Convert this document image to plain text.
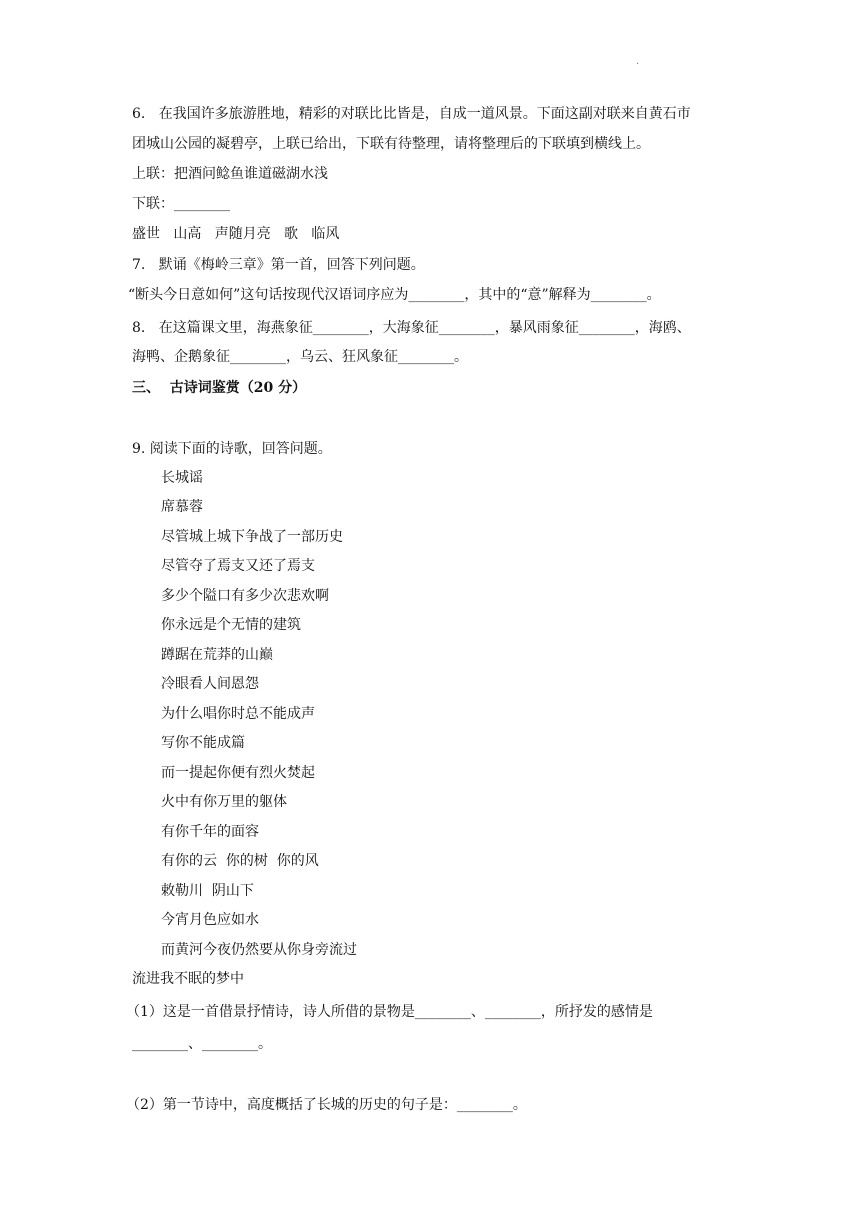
.
6.   在我国许多旅游胜地，精彩的对联比比皆是，自成一道风景。下面这副对联来自黄石市
团城山公园的凝碧亭，上联已给出，下联有待整理，请将整理后的下联填到横线上。
上联：把酒问鲶鱼谁道磁湖水浅
下联：________
盛世   山高   声随月亮   歌   临风
7.   默诵《梅岭三章》第一首，回答下列问题。
“断头今日意如何”这句话按现代汉语词序应为________，其中的“意”解释为________。
8.   在这篇课文里，海燕象征________，大海象征________，暴风雨象征________，海鸥、
海鸭、企鹅象征________，乌云、狂风象征________。
三、  古诗词鉴赏（20 分）
9. 阅读下面的诗歌，回答问题。
长城谣
席慕蓉
尽管城上城下争战了一部历史
尽管夺了焉支又还了焉支
多少个隘口有多少次悲欢啊
你永远是个无情的建筑
蹲踞在荒莽的山巅
冷眼看人间恩怨
为什么唱你时总不能成声
写你不能成篇
而一提起你便有烈火焚起
火中有你万里的躯体
有你千年的面容
有你的云  你的树  你的风
敕勒川  阴山下
今宵月色应如水
而黄河今夜仍然要从你身旁流过
流进我不眠的梦中
（1）这是一首借景抒情诗，诗人所借的景物是________、________，所抒发的感情是
________、________。
（2）第一节诗中，高度概括了长城的历史的句子是：________。
